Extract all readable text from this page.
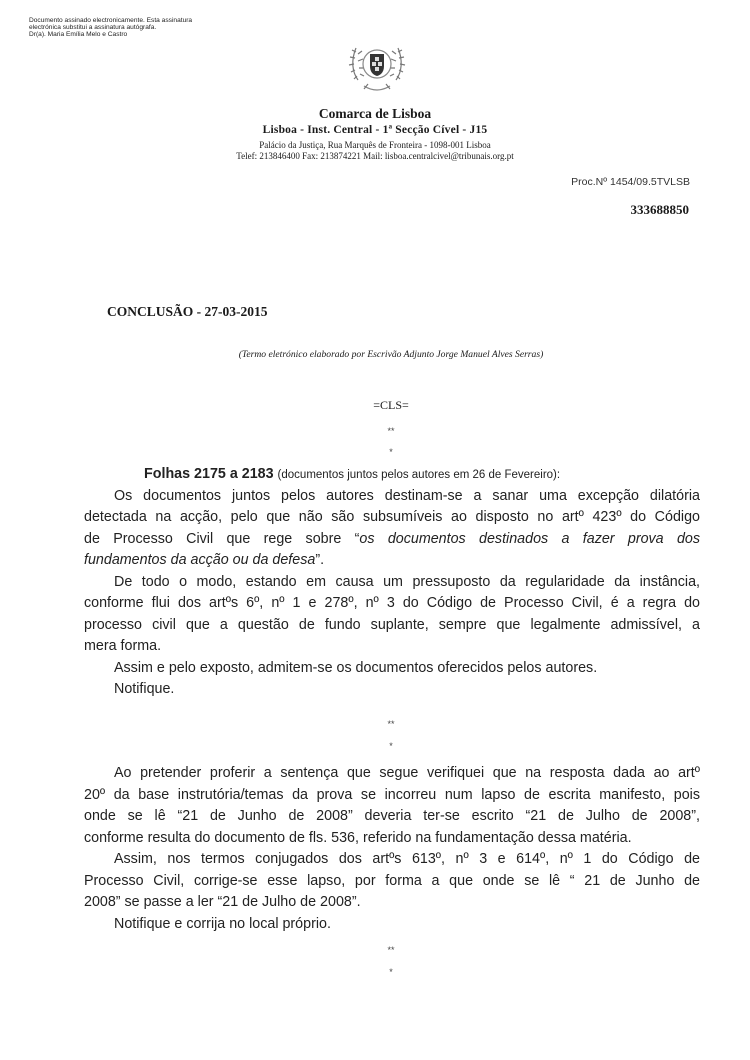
Documento assinado electronicamente. Esta assinatura
electrónica substitui a assinatura autógrafa.
Dr(a). Maria Emília Melo e Castro
Comarca de Lisboa
Lisboa - Inst. Central - 1ª Secção Cível - J15
Palácio da Justiça, Rua Marquês de Fronteira - 1098-001 Lisboa
Telef: 213846400 Fax: 213874221 Mail: lisboa.centralcivel@tribunais.org.pt
Proc.Nº 1454/09.5TVLSB
333688850
CONCLUSÃO - 27-03-2015
(Termo eletrónico elaborado por Escrivão Adjunto Jorge Manuel Alves Serras)
=CLS=
**
*
Folhas 2175 a 2183 (documentos juntos pelos autores em 26 de Fevereiro):
Os documentos juntos pelos autores destinam-se a sanar uma excepção dilatória
detectada na acção, pelo que não são subsumíveis ao disposto no artº 423º do Código
de Processo Civil que rege sobre “os documentos destinados a fazer prova dos
fundamentos da acção ou da defesa”.
De todo o modo, estando em causa um pressuposto da regularidade da instância,
conforme flui dos artºs 6º, nº 1 e 278º, nº 3 do Código de Processo Civil, é a regra do
processo civil que a questão de fundo suplante, sempre que legalmente admissível, a
mera forma.
Assim e pelo exposto, admitem-se os documentos oferecidos pelos autores.
Notifique.
**
*
Ao pretender proferir a sentença que segue verifiquei que na resposta dada ao artº
20º da base instrutória/temas da prova se incorreu num lapso de escrita manifesto, pois
onde se lê “21 de Junho de 2008” deveria ter-se escrito “21 de Julho de 2008”,
conforme resulta do documento de fls. 536, referido na fundamentação dessa matéria.
Assim, nos termos conjugados dos artºs 613º, nº 3 e 614º, nº 1 do Código de
Processo Civil, corrige-se esse lapso, por forma a que onde se lê “ 21 de Junho de
2008” se passe a ler “21 de Julho de 2008”.
Notifique e corrija no local próprio.
**
*
